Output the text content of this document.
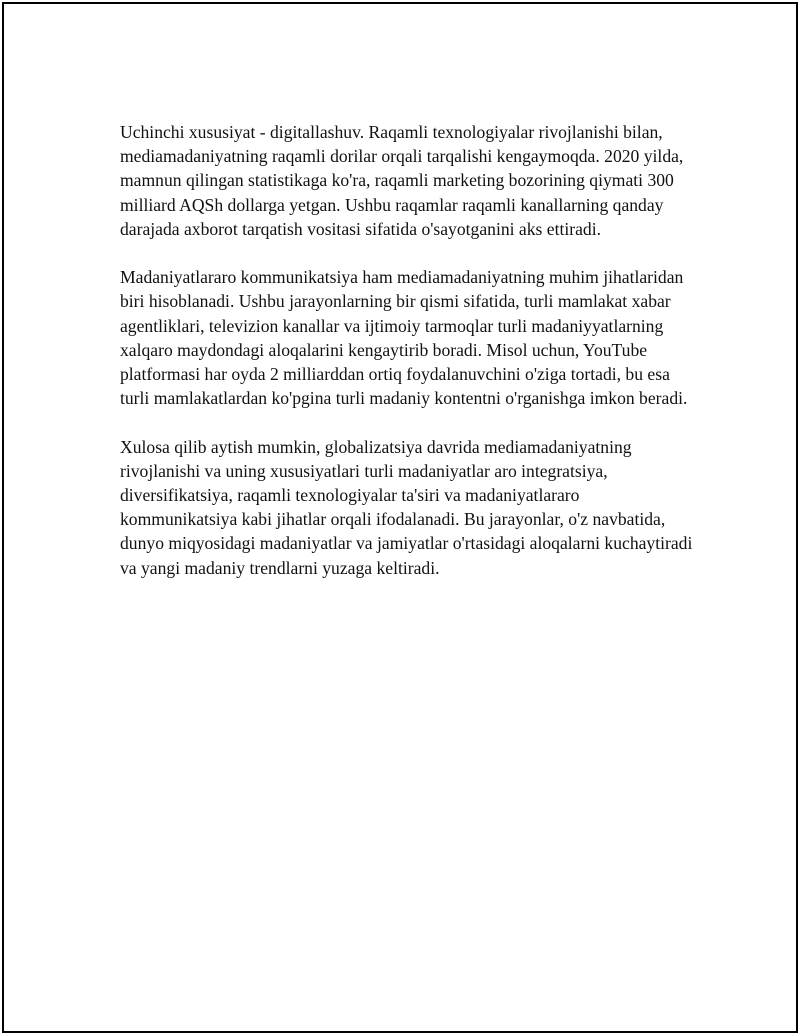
Uchinchi xususiyat - digitallashuv. Raqamli texnologiyalar rivojlanishi bilan, mediamadaniyatning raqamli dorilar orqali tarqalishi kengaymoqda. 2020 yilda, mamnun qilingan statistikaga ko'ra, raqamli marketing bozorining qiymati 300 milliard AQSh dollarga yetgan. Ushbu raqamlar raqamli kanallarning qanday darajada axborot tarqatish vositasi sifatida o'sayotganini aks ettiradi.

Madaniyatlararo kommunikatsiya ham mediamadaniyatning muhim jihatlaridan biri hisoblanadi. Ushbu jarayonlarning bir qismi sifatida, turli mamlakat xabar agentliklari, televizion kanallar va ijtimoiy tarmoqlar turli madaniyyatlarning xalqaro maydondagi aloqalarini kengaytirib boradi. Misol uchun, YouTube platformasi har oyda 2 milliarddan ortiq foydalanuvchini o'ziga tortadi, bu esa turli mamlakatlardan ko'pgina turli madaniy kontentni o'rganishga imkon beradi.

Xulosa qilib aytish mumkin, globalizatsiya davrida mediamadaniyatning rivojlanishi va uning xususiyatlari turli madaniyatlar aro integratsiya, diversifikatsiya, raqamli texnologiyalar ta'siri va madaniyatlararo kommunikatsiya kabi jihatlar orqali ifodalanadi. Bu jarayonlar, o'z navbatida, dunyo miqyosidagi madaniyatlar va jamiyatlar o'rtasidagi aloqalarni kuchaytiradi va yangi madaniy trendlarni yuzaga keltiradi.
